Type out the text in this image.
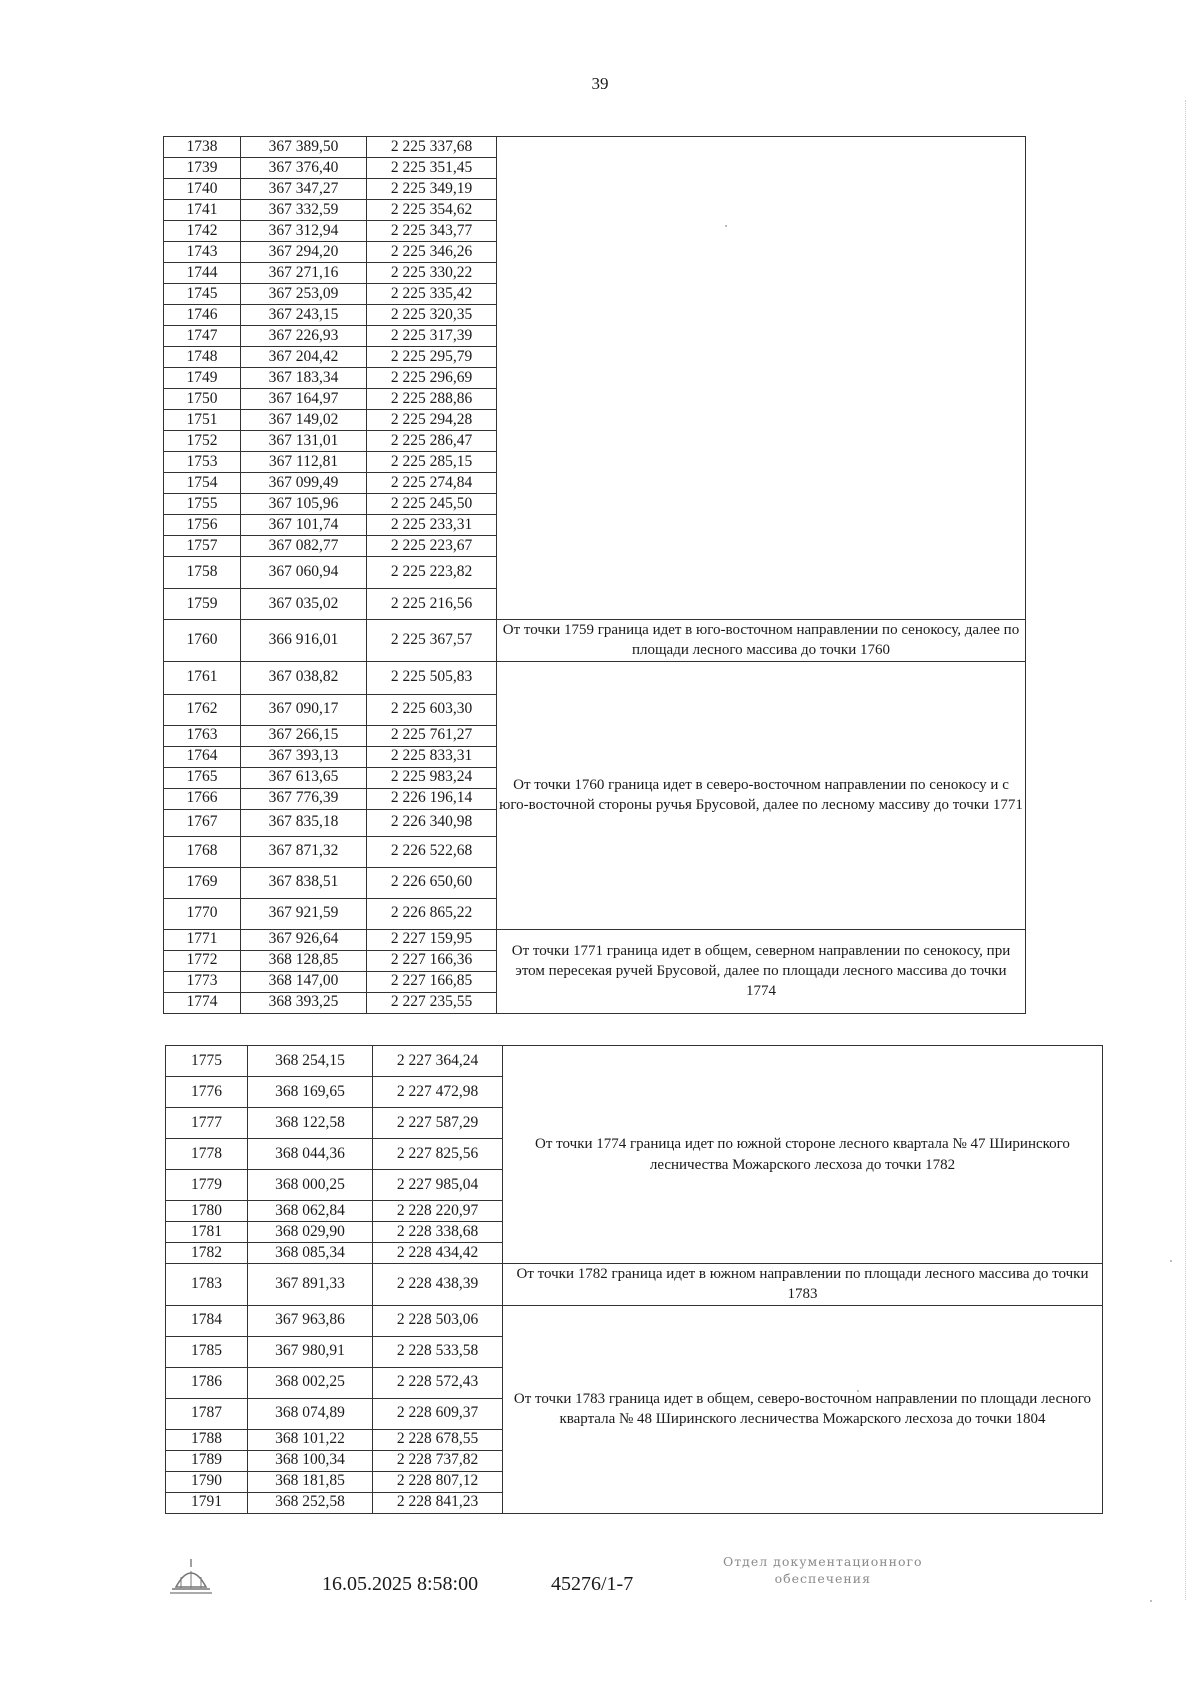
39
1738	367 389,50	2 225 337,68	
1739	367 376,40	2 225 351,45	
1740	367 347,27	2 225 349,19	
1741	367 332,59	2 225 354,62	
1742	367 312,94	2 225 343,77	
1743	367 294,20	2 225 346,26	
1744	367 271,16	2 225 330,22	
1745	367 253,09	2 225 335,42	
1746	367 243,15	2 225 320,35	
1747	367 226,93	2 225 317,39	
1748	367 204,42	2 225 295,79	
1749	367 183,34	2 225 296,69	
1750	367 164,97	2 225 288,86	
1751	367 149,02	2 225 294,28	
1752	367 131,01	2 225 286,47	
1753	367 112,81	2 225 285,15	
1754	367 099,49	2 225 274,84	
1755	367 105,96	2 225 245,50	
1756	367 101,74	2 225 233,31	
1757	367 082,77	2 225 223,67	
1758	367 060,94	2 225 223,82	
1759	367 035,02	2 225 216,56	
1760	366 916,01	2 225 367,57	От точки 1759 граница идет в юго-восточном направлении по сенокосу, далее по площади лесного массива до точки 1760
1761	367 038,82	2 225 505,83	От точки 1760 граница идет в северо-восточном направлении по сенокосу и с юго-восточной стороны ручья Брусовой, далее по лесному массиву до точки 1771
1762	367 090,17	2 225 603,30	
1763	367 266,15	2 225 761,27	
1764	367 393,13	2 225 833,31	
1765	367 613,65	2 225 983,24	
1766	367 776,39	2 226 196,14	
1767	367 835,18	2 226 340,98	
1768	367 871,32	2 226 522,68	
1769	367 838,51	2 226 650,60	
1770	367 921,59	2 226 865,22	
1771	367 926,64	2 227 159,95	От точки 1771 граница идет в общем, северном направлении по сенокосу, при этом пересекая ручей Брусовой, далее по площади лесного массива до точки 1774
1772	368 128,85	2 227 166,36	
1773	368 147,00	2 227 166,85	
1774	368 393,25	2 227 235,55	
1775	368 254,15	2 227 364,24	От точки 1774 граница идет по южной стороне лесного квартала № 47 Ширинского лесничества Можарского лесхоза до точки 1782
1776	368 169,65	2 227 472,98	
1777	368 122,58	2 227 587,29	
1778	368 044,36	2 227 825,56	
1779	368 000,25	2 227 985,04	
1780	368 062,84	2 228 220,97	
1781	368 029,90	2 228 338,68	
1782	368 085,34	2 228 434,42	
1783	367 891,33	2 228 438,39	От точки 1782 граница идет в южном направлении по площади лесного массива до точки 1783
1784	367 963,86	2 228 503,06	От точки 1783 граница идет в общем, северо-восточном направлении по площади лесного квартала № 48 Ширинского лесничества Можарского лесхоза до точки 1804
1785	367 980,91	2 228 533,58	
1786	368 002,25	2 228 572,43	
1787	368 074,89	2 228 609,37	
1788	368 101,22	2 228 678,55	
1789	368 100,34	2 228 737,82	
1790	368 181,85	2 228 807,12	
1791	368 252,58	2 228 841,23	
16.05.2025 8:58:00	45276/1-7
Отдел документационного
обеспечения
